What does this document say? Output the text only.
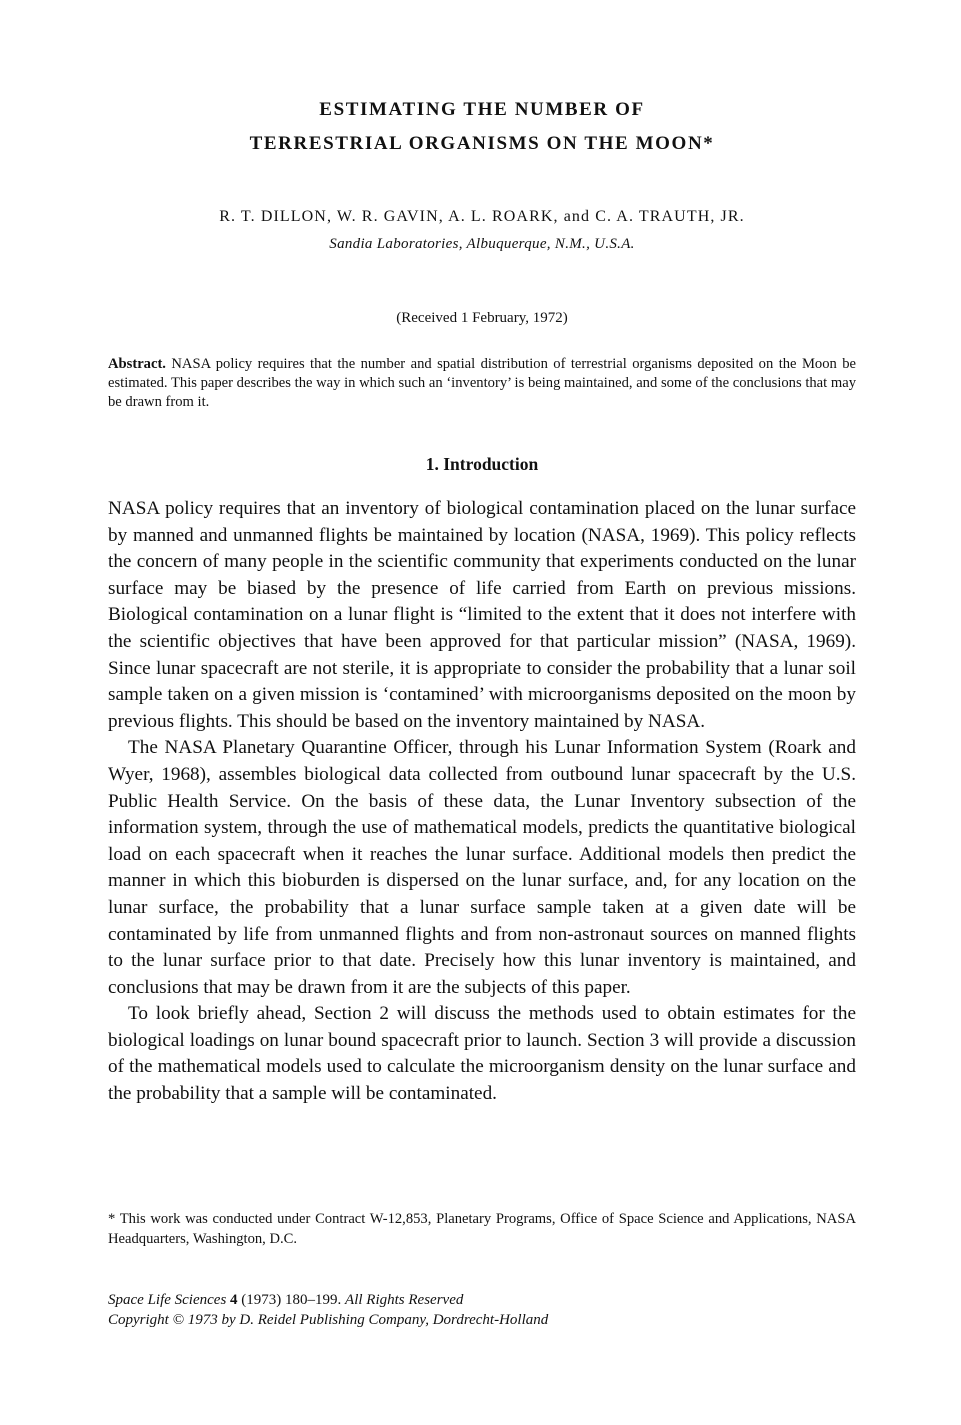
ESTIMATING THE NUMBER OF
TERRESTRIAL ORGANISMS ON THE MOON*
R. T. DILLON, W. R. GAVIN, A. L. ROARK, and C. A. TRAUTH, JR.
Sandia Laboratories, Albuquerque, N.M., U.S.A.
(Received 1 February, 1972)
Abstract. NASA policy requires that the number and spatial distribution of terrestrial organisms deposited on the Moon be estimated. This paper describes the way in which such an ‘inventory’ is being maintained, and some of the conclusions that may be drawn from it.
1. Introduction

NASA policy requires that an inventory of biological contamination placed on the lunar surface by manned and unmanned flights be maintained by location (NASA, 1969). This policy reflects the concern of many people in the scientific community that experiments conducted on the lunar surface may be biased by the presence of life carried from Earth on previous missions. Biological contamination on a lunar flight is “limited to the extent that it does not interfere with the scientific objectives that have been approved for that particular mission” (NASA, 1969). Since lunar spacecraft are not sterile, it is appropriate to consider the probability that a lunar soil sample taken on a given mission is ‘contamined’ with microorganisms deposited on the moon by previous flights. This should be based on the inventory maintained by NASA.

The NASA Planetary Quarantine Officer, through his Lunar Information System (Roark and Wyer, 1968), assembles biological data collected from outbound lunar spacecraft by the U.S. Public Health Service. On the basis of these data, the Lunar Inventory subsection of the information system, through the use of mathematical models, predicts the quantitative biological load on each spacecraft when it reaches the lunar surface. Additional models then predict the manner in which this bioburden is dispersed on the lunar surface, and, for any location on the lunar surface, the probability that a lunar surface sample taken at a given date will be contaminated by life from unmanned flights and from non-astronaut sources on manned flights to the lunar surface prior to that date. Precisely how this lunar inventory is maintained, and conclusions that may be drawn from it are the subjects of this paper.

To look briefly ahead, Section 2 will discuss the methods used to obtain estimates for the biological loadings on lunar bound spacecraft prior to launch. Section 3 will provide a discussion of the mathematical models used to calculate the microorganism density on the lunar surface and the probability that a sample will be contaminated.

* This work was conducted under Contract W-12,853, Planetary Programs, Office of Space Science and Applications, NASA Headquarters, Washington, D.C.
Space Life Sciences 4 (1973) 180–199. All Rights Reserved
Copyright © 1973 by D. Reidel Publishing Company, Dordrecht-Holland
